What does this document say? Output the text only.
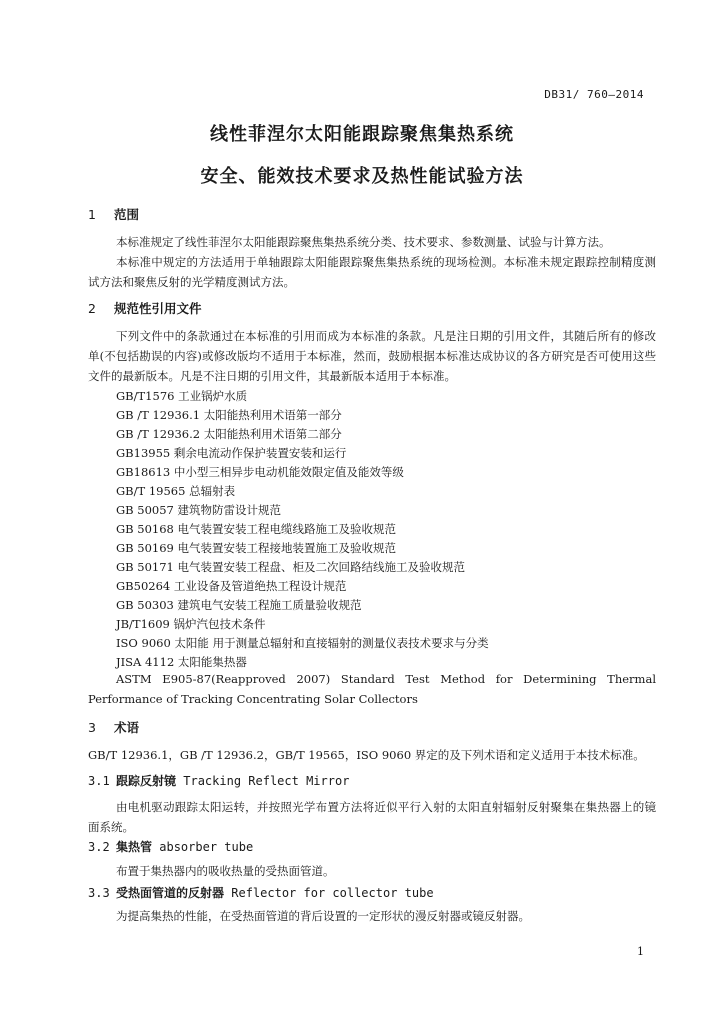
DB31/ 760—2014
线性菲涅尔太阳能跟踪聚焦集热系统
安全、能效技术要求及热性能试验方法
1 范围
本标准规定了线性菲涅尔太阳能跟踪聚焦集热系统分类、技术要求、参数测量、试验与计算方法。
本标准中规定的方法适用于单轴跟踪太阳能跟踪聚焦集热系统的现场检测。本标准未规定跟踪控制精度测试方法和聚焦反射的光学精度测试方法。
2 规范性引用文件
下列文件中的条款通过在本标准的引用而成为本标准的条款。凡是注日期的引用文件，其随后所有的修改单(不包括勘误的内容)或修改版均不适用于本标准，然而，鼓励根据本标准达成协议的各方研究是否可使用这些文件的最新版本。凡是不注日期的引用文件，其最新版本适用于本标准。
GB/T1576 工业锅炉水质
GB /T 12936.1 太阳能热利用术语第一部分
GB /T 12936.2 太阳能热利用术语第二部分
GB13955 剩余电流动作保护装置安装和运行
GB18613 中小型三相异步电动机能效限定值及能效等级
GB/T 19565 总辐射表
GB 50057 建筑物防雷设计规范
GB 50168 电气装置安装工程电缆线路施工及验收规范
GB 50169 电气装置安装工程接地装置施工及验收规范
GB 50171 电气装置安装工程盘、柜及二次回路结线施工及验收规范
GB50264 工业设备及管道绝热工程设计规范
GB 50303 建筑电气安装工程施工质量验收规范
JB/T1609 锅炉汽包技术条件
ISO 9060 太阳能 用于测量总辐射和直接辐射的测量仪表技术要求与分类
JISA 4112 太阳能集热器
ASTM E905-87(Reapproved 2007) Standard Test Method for Determining Thermal Performance of Tracking Concentrating Solar Collectors
3 术语
GB/T 12936.1，GB /T 12936.2，GB/T 19565，ISO 9060 界定的及下列术语和定义适用于本技术标准。
3.1 跟踪反射镜 Tracking Reflect Mirror
由电机驱动跟踪太阳运转，并按照光学布置方法将近似平行入射的太阳直射辐射反射聚集在集热器上的镜面系统。
3.2 集热管 absorber tube
布置于集热器内的吸收热量的受热面管道。
3.3 受热面管道的反射器 Reflector for collector tube
为提高集热的性能，在受热面管道的背后设置的一定形状的漫反射器或镜反射器。
1
